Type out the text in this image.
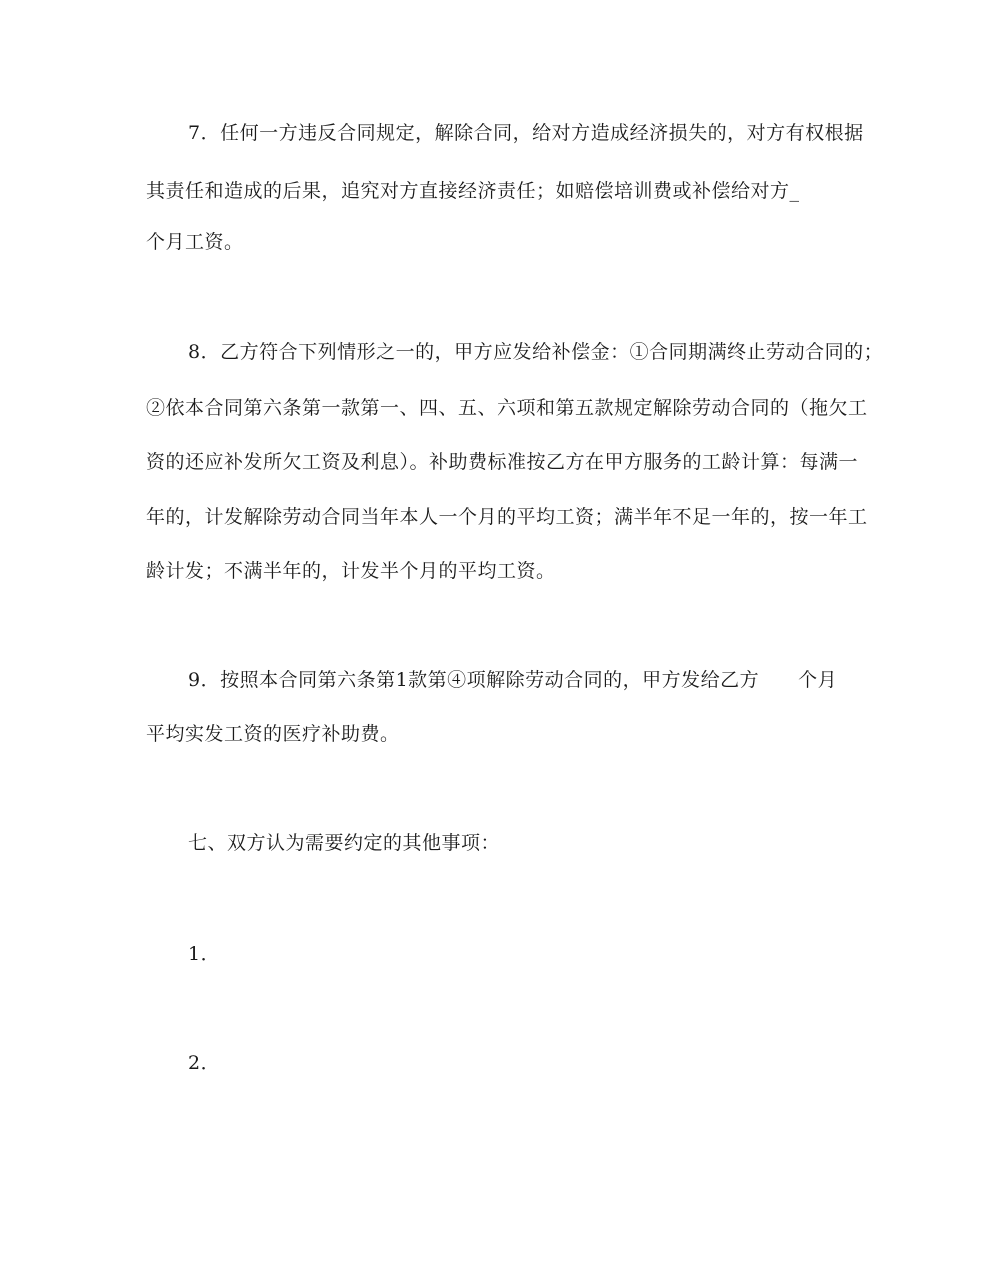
7．任何一方违反合同规定，解除合同，给对方造成经济损失的，对方有权根据
其责任和造成的后果，追究对方直接经济责任；如赔偿培训费或补偿给对方_
个月工资。
8．乙方符合下列情形之一的，甲方应发给补偿金：①合同期满终止劳动合同的；
②依本合同第六条第一款第一、四、五、六项和第五款规定解除劳动合同的（拖欠工
资的还应补发所欠工资及利息）。补助费标准按乙方在甲方服务的工龄计算：每满一
年的，计发解除劳动合同当年本人一个月的平均工资；满半年不足一年的，按一年工
龄计发；不满半年的，计发半个月的平均工资。
9．按照本合同第六条第1款第④项解除劳动合同的，甲方发给乙方　　个月
平均实发工资的医疗补助费。
七、双方认为需要约定的其他事项：
1．
2．
